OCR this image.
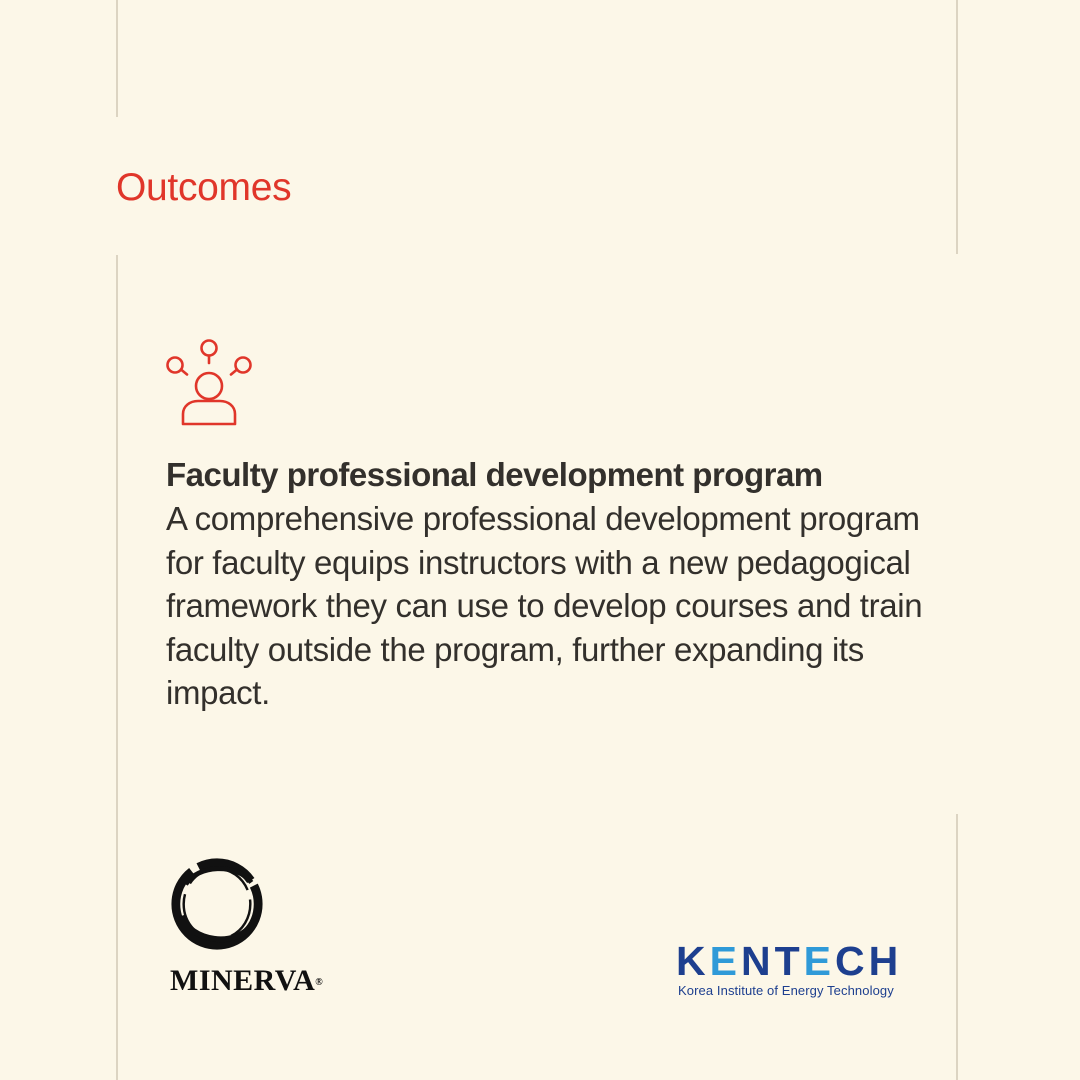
Outcomes
Faculty professional development program

A comprehensive professional development program for faculty equips instructors with a new pedagogical framework they can use to develop courses and train faculty outside the program, further expanding its impact.

MINERVA®	KENTECH

Korea Institute of Energy Technology
